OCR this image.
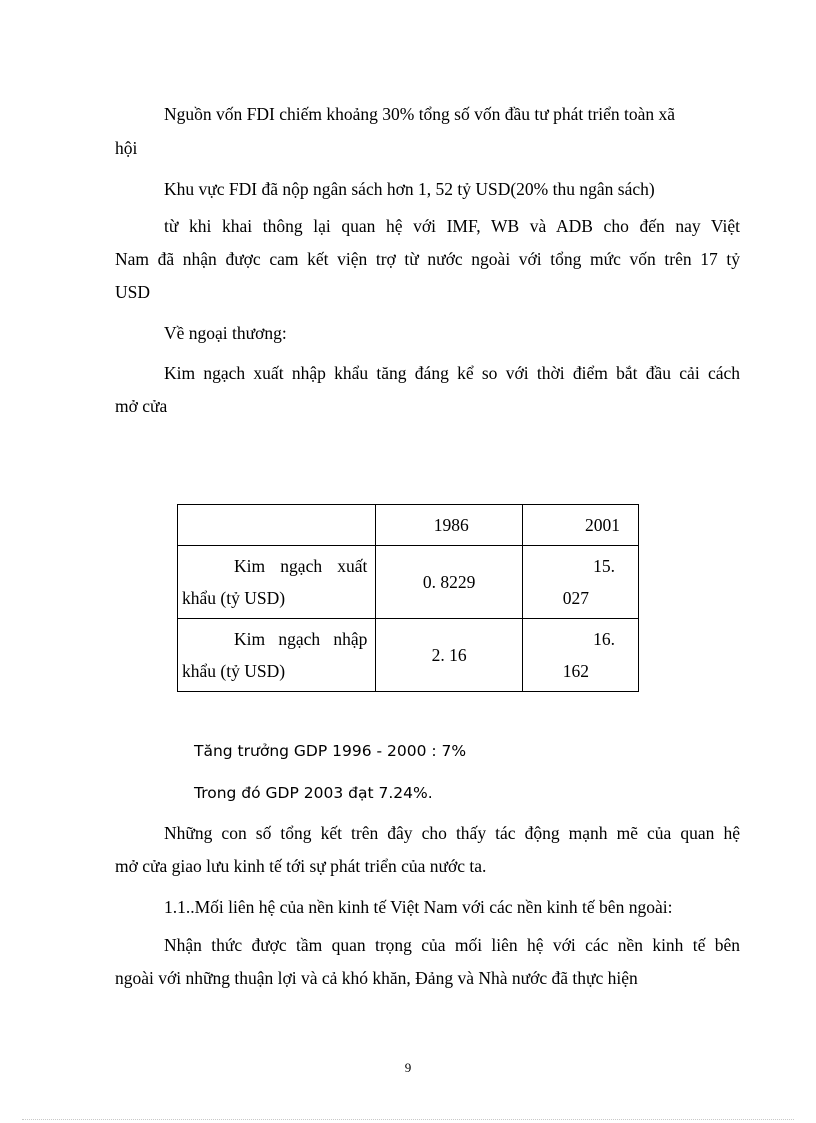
Nguồn vốn FDI chiếm khoảng 30% tổng số vốn đầu tư phát triển toàn xã
hội
Khu vực FDI đã nộp ngân sách hơn 1, 52 tỷ USD(20% thu ngân sách)
từ khi khai thông lại quan hệ với IMF, WB và ADB cho đến nay Việt
Nam đã nhận được cam kết viện trợ từ nước ngoài với tổng mức vốn trên 17 tỷ
USD
Về ngoại thương:
Kim ngạch xuất nhập khẩu tăng đáng kể so với thời điểm bắt đầu cải cách
mở cửa
	1986	2001

Kim ngạch xuất
khẩu (tỷ USD)	0. 8229	15.
027

Kim ngạch nhập
khẩu (tỷ USD)	2. 16	16.
162
Tăng trưởng GDP 1996 - 2000 : 7%
Trong đó GDP 2003 đạt 7.24%.
Những con số tổng kết trên đây cho thấy tác động mạnh mẽ của quan hệ
mở cửa giao lưu kinh tế tới sự phát triển của nước ta.
1.1..Mối liên hệ của nền kinh tế Việt Nam với các nền kinh tế bên ngoài:
Nhận thức được tầm quan trọng của mối liên hệ với các nền kinh tế bên
ngoài với những thuận lợi và cả khó khăn, Đảng và Nhà nước đã thực hiện
9
